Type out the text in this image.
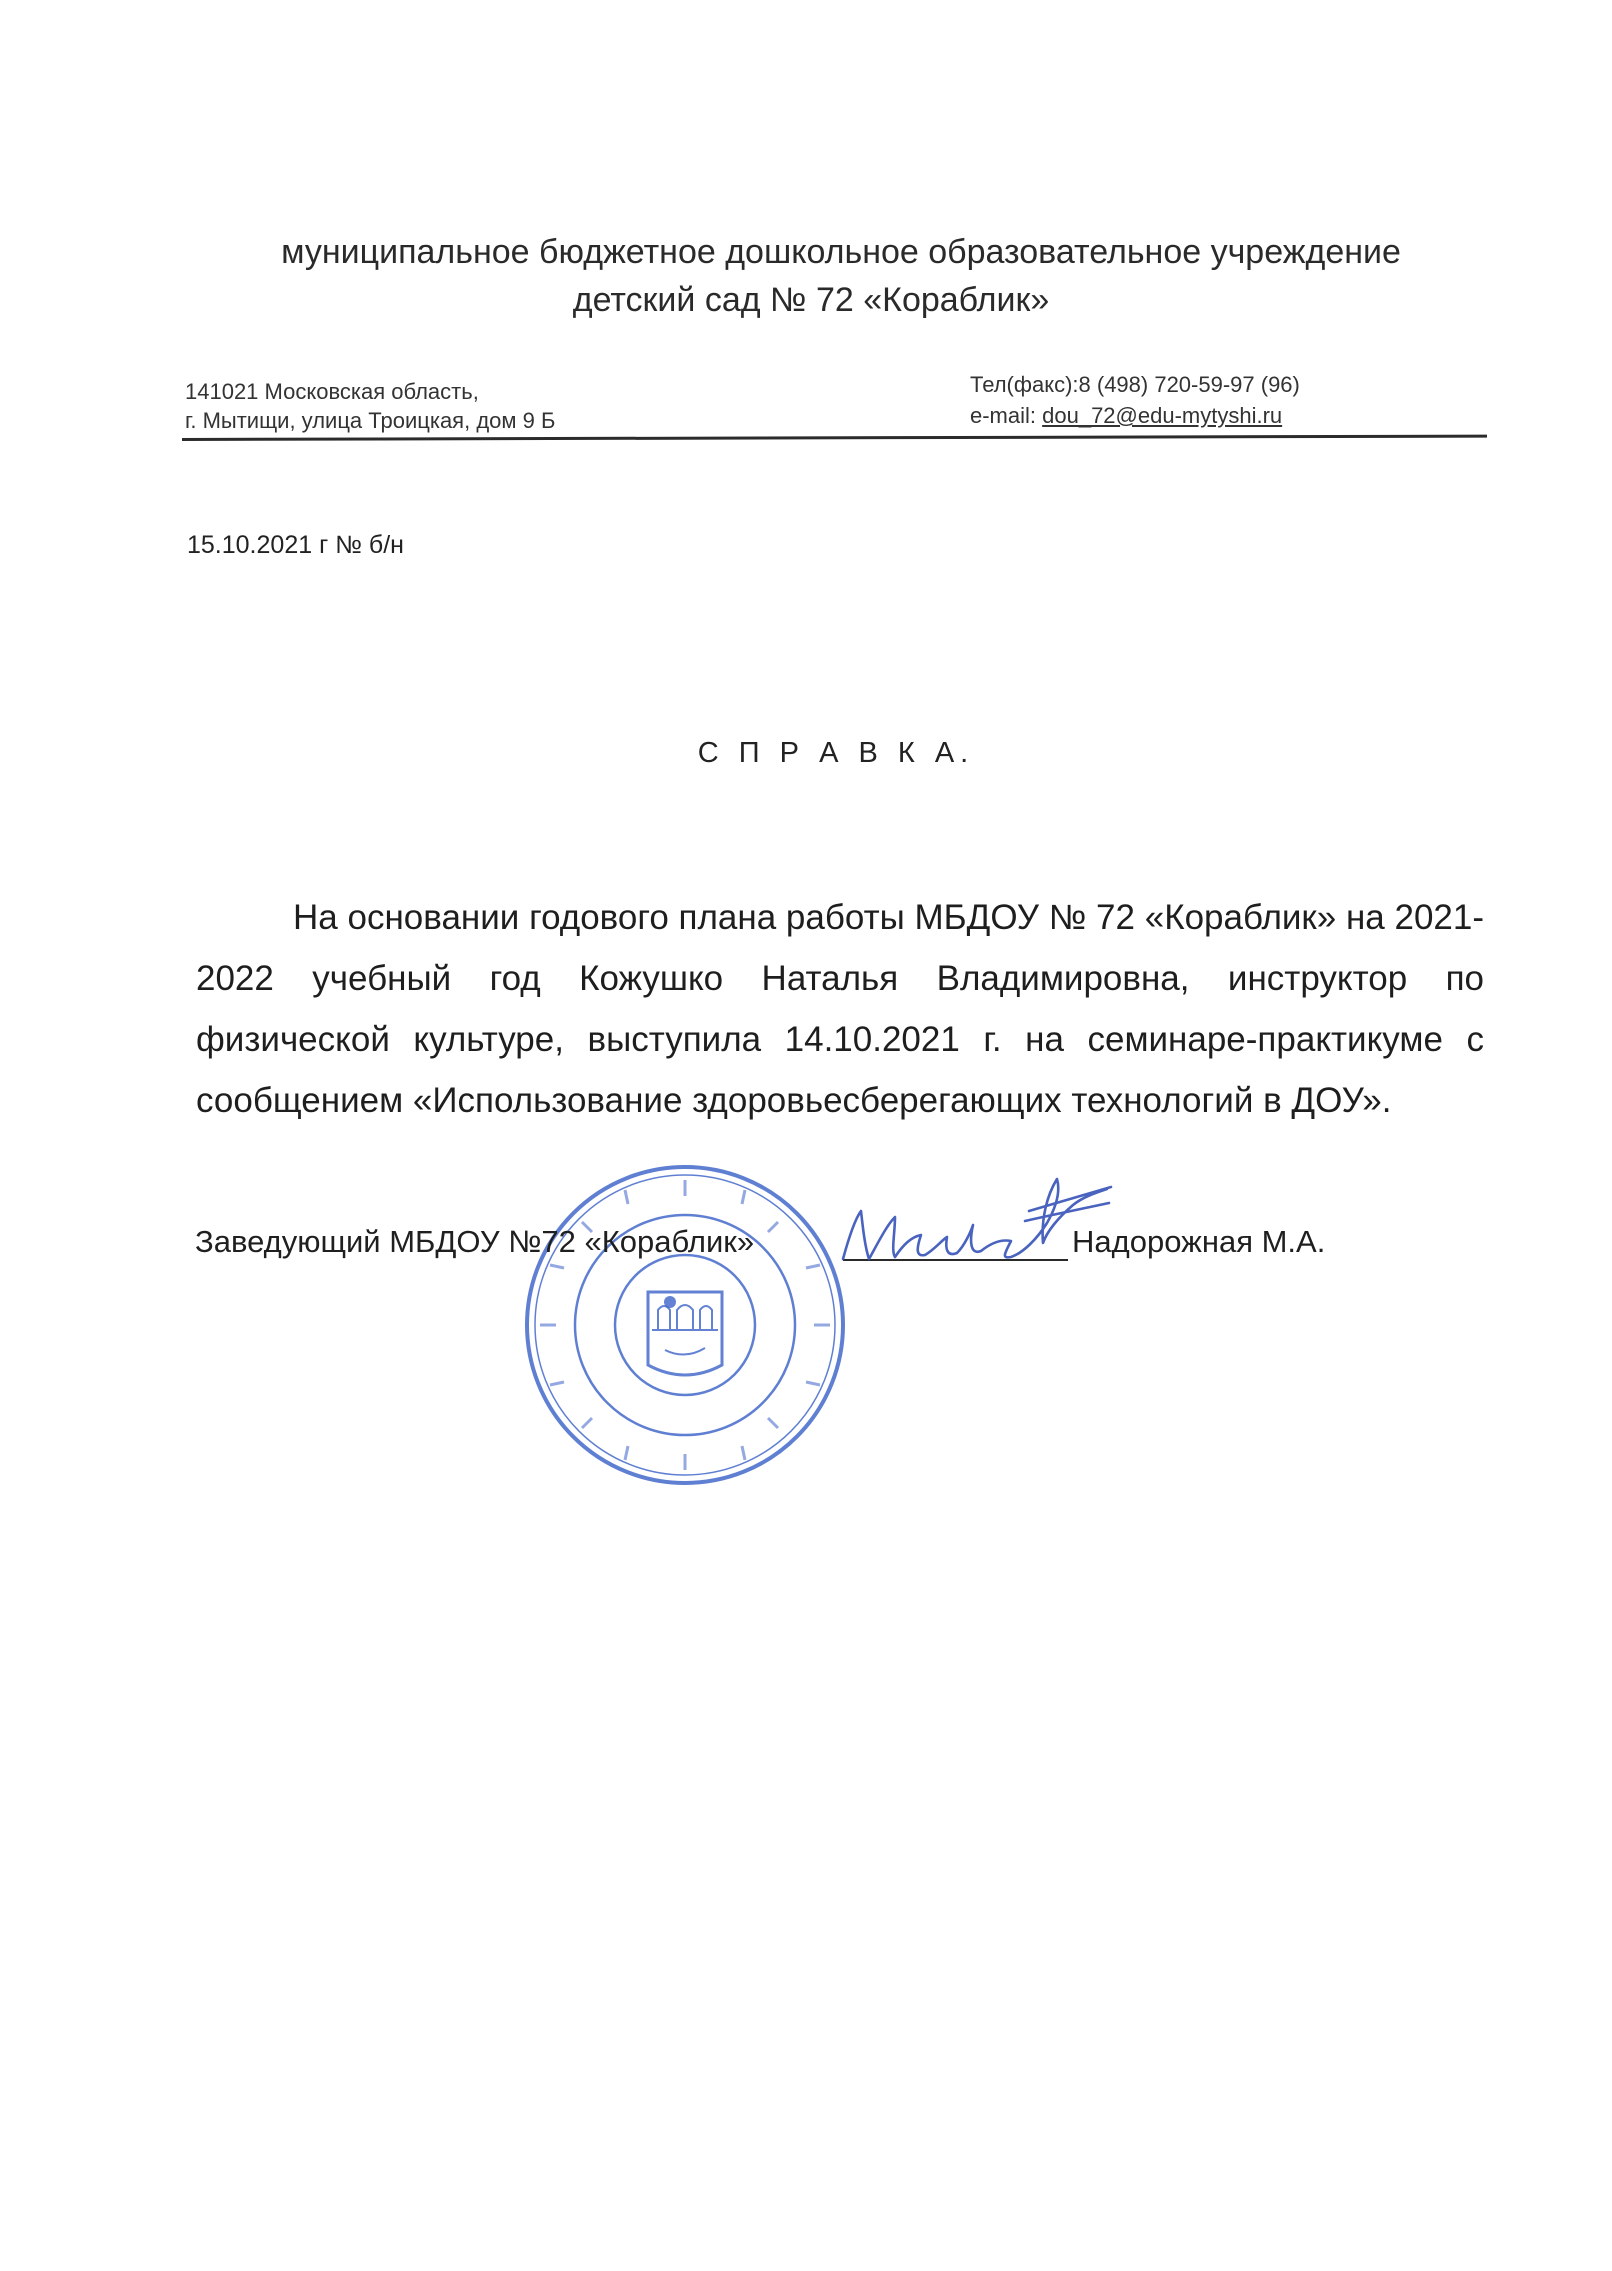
муниципальное бюджетное дошкольное образовательное учреждение
детский сад № 72 «Кораблик»
141021 Московская область,
г. Мытищи, улица Троицкая, дом 9 Б
Тел(факс):8 (498) 720-59-97 (96)
e-mail: dou_72@edu-mytyshi.ru
15.10.2021 г № б/н
С П Р А В К А.

На основании годового плана работы МБДОУ № 72 «Кораблик» на 2021-2022 учебный год Кожушко Наталья Владимировна, инструктор по физической культуре, выступила 14.10.2021 г. на семинаре-практикуме с сообщением «Использование здоровьесберегающих технологий в ДОУ».

Заведующий МБДОУ №72 «Кораблик»	Надорожная М.А.
